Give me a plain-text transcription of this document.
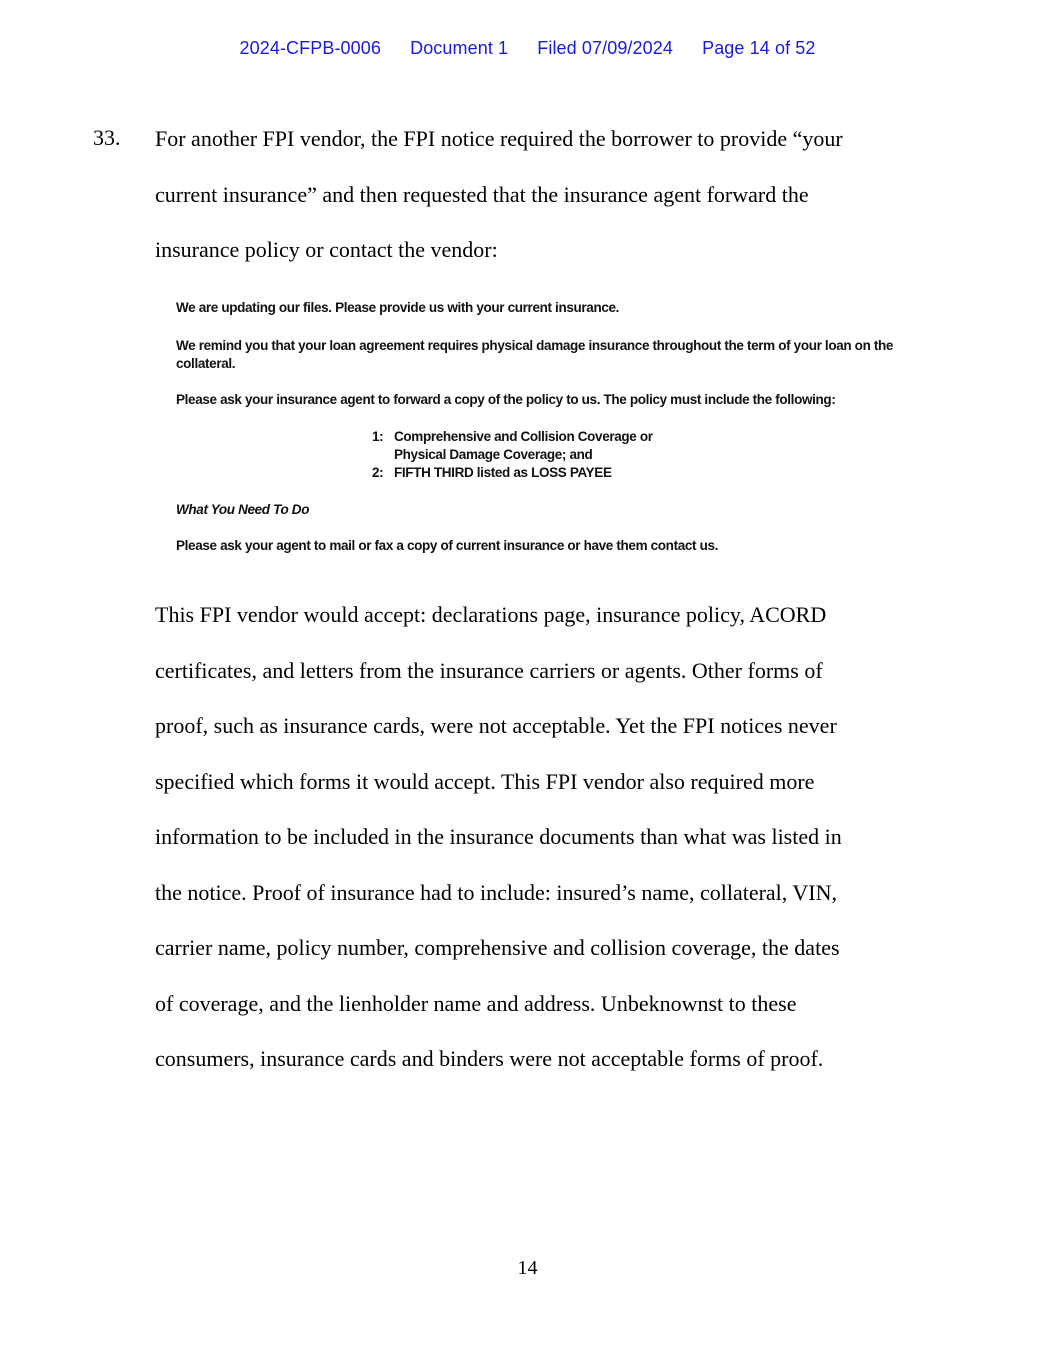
2024-CFPB-0006 Document 1 Filed 07/09/2024 Page 14 of 52
33. For another FPI vendor, the FPI notice required the borrower to provide “your

current insurance” and then requested that the insurance agent forward the

insurance policy or contact the vendor:

We are updating our files. Please provide us with your current insurance.
We remind you that your loan agreement requires physical damage insurance throughout the term of your loan on the collateral.
Please ask your insurance agent to forward a copy of the policy to us. The policy must include the following:
1: Comprehensive and Collision Coverage or
Physical Damage Coverage; and
2: FIFTH THIRD listed as LOSS PAYEE
What You Need To Do
Please ask your agent to mail or fax a copy of current insurance or have them contact us.

This FPI vendor would accept: declarations page, insurance policy, ACORD

certificates, and letters from the insurance carriers or agents. Other forms of

proof, such as insurance cards, were not acceptable. Yet the FPI notices never

specified which forms it would accept. This FPI vendor also required more

information to be included in the insurance documents than what was listed in

the notice. Proof of insurance had to include: insured’s name, collateral, VIN,

carrier name, policy number, comprehensive and collision coverage, the dates

of coverage, and the lienholder name and address. Unbeknownst to these

consumers, insurance cards and binders were not acceptable forms of proof.

14
